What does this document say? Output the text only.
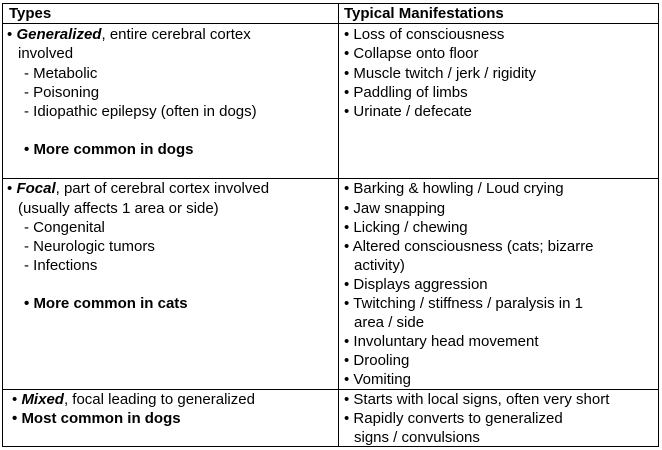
Types	Typical Manifestations
• Generalized, entire cerebral cortex
involved
- Metabolic
- Poisoning
- Idiopathic epilepsy (often in dogs)
• More common in dogs
• Loss of consciousness
• Collapse onto floor
• Muscle twitch / jerk / rigidity
• Paddling of limbs
• Urinate / defecate
• Focal, part of cerebral cortex involved
(usually affects 1 area or side)
- Congenital
- Neurologic tumors
- Infections
• More common in cats
• Barking & howling / Loud crying
• Jaw snapping
• Licking / chewing
• Altered consciousness (cats; bizarre
activity)
• Displays aggression
• Twitching / stiffness / paralysis in 1
area / side
• Involuntary head movement
• Drooling
• Vomiting
• Mixed, focal leading to generalized
• Most common in dogs
• Starts with local signs, often very short
• Rapidly converts to generalized
signs / convulsions
